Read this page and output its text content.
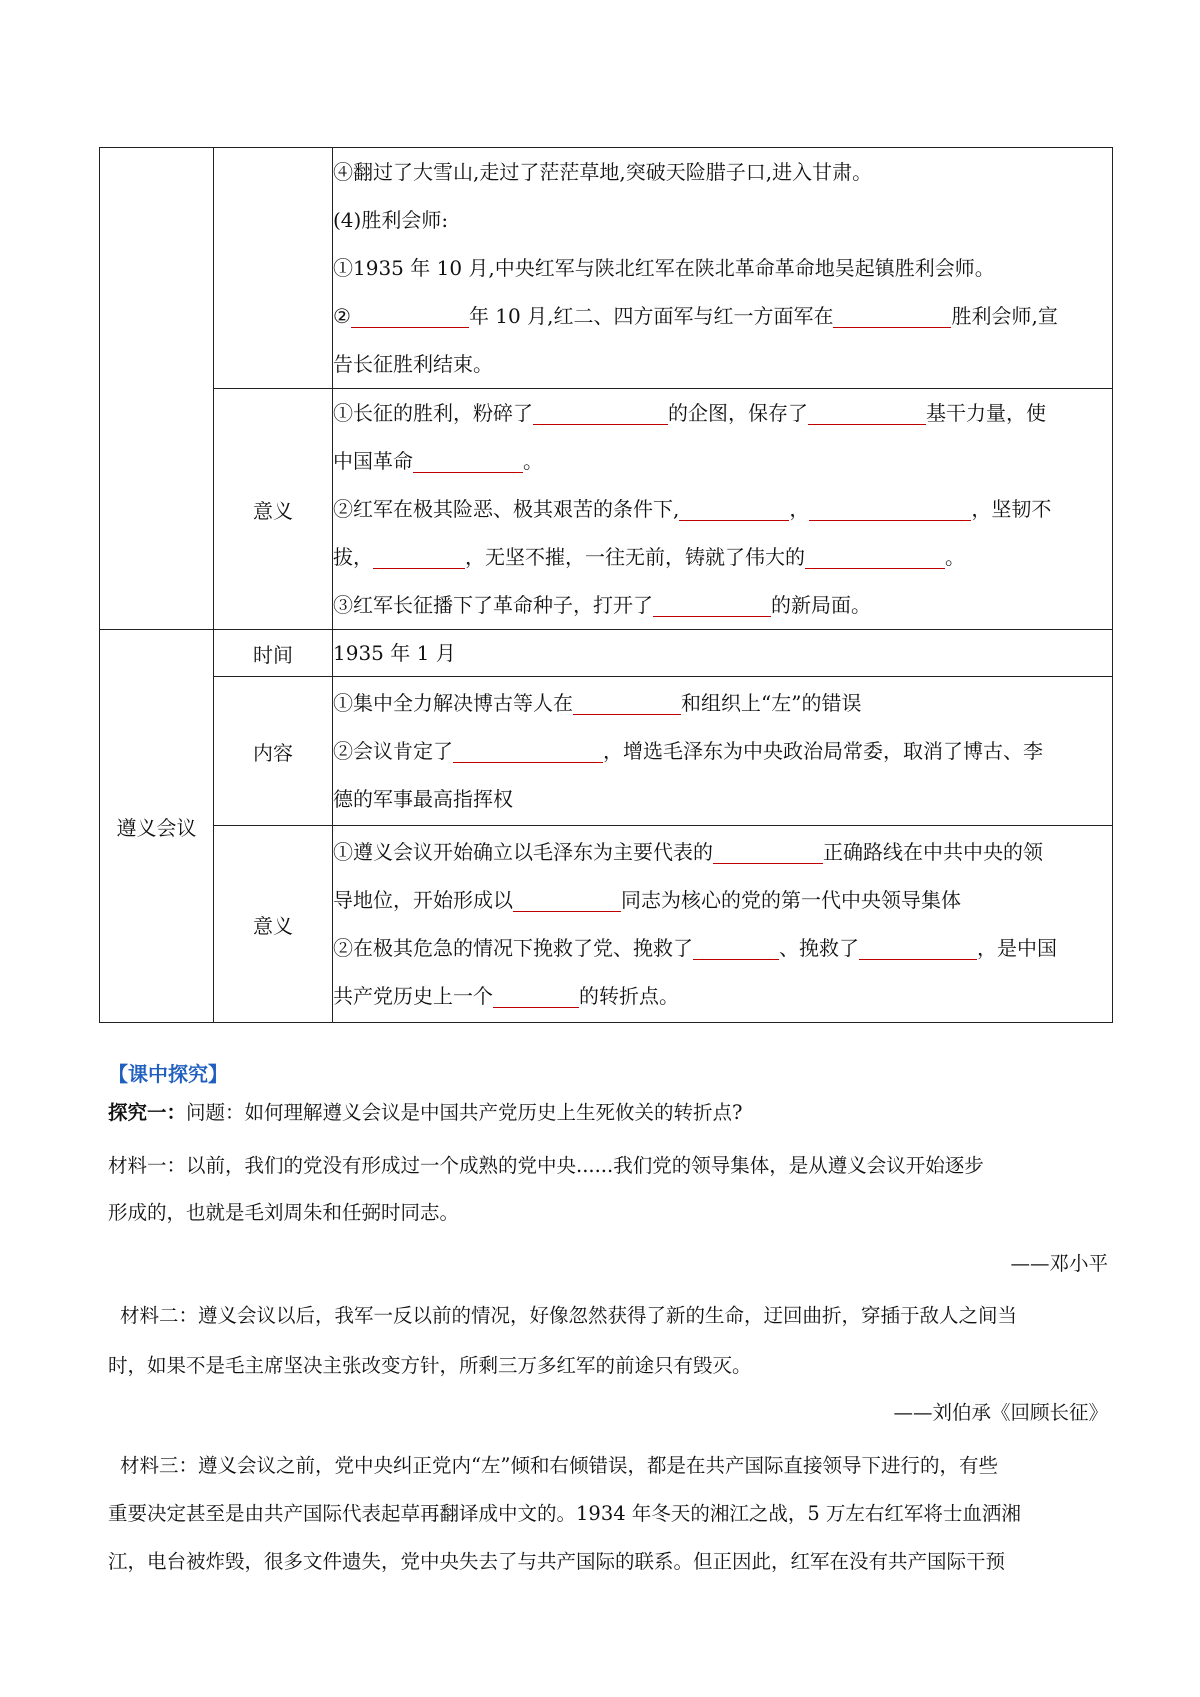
		④翻过了大雪山,走过了茫茫草地,突破天险腊子口,进入甘肃。
(4)胜利会师:
①1935 年 10 月,中央红军与陕北红军在陕北革命革命地吴起镇胜利会师。
② 年 10 月,红二、四方面军与红一方面军在 胜利会师,宣
告长征胜利结束。

	意义	①长征的胜利，粉碎了 的企图，保存了 基干力量，使
中国革命 。
②红军在极其险恶、极其艰苦的条件下, ， ，坚韧不
拔， ，无坚不摧，一往无前，铸就了伟大的 。
③红军长征播下了革命种子，打开了 的新局面。

遵义会议	时间	1935 年 1 月

	内容	①集中全力解决博古等人在 和组织上“左”的错误
②会议肯定了 ，增选毛泽东为中央政治局常委，取消了博古、李
德的军事最高指挥权

	意义	①遵义会议开始确立以毛泽东为主要代表的 正确路线在中共中央的领
导地位，开始形成以 同志为核心的党的第一代中央领导集体
②在极其危急的情况下挽救了党、挽救了 、挽救了 ，是中国
共产党历史上一个 的转折点。
【课中探究】
探究一：问题：如何理解遵义会议是中国共产党历史上生死攸关的转折点?
材料一：以前，我们的党没有形成过一个成熟的党中央......我们党的领导集体，是从遵义会议开始逐步
形成的，也就是毛刘周朱和任弼时同志。
——邓小平
材料二：遵义会议以后，我军一反以前的情况，好像忽然获得了新的生命，迂回曲折，穿插于敌人之间当
时，如果不是毛主席坚决主张改变方针，所剩三万多红军的前途只有毁灭。
——刘伯承《回顾长征》
材料三：遵义会议之前，党中央纠正党内“左”倾和右倾错误，都是在共产国际直接领导下进行的，有些
重要决定甚至是由共产国际代表起草再翻译成中文的。1934 年冬天的湘江之战，5 万左右红军将士血洒湘
江，电台被炸毁，很多文件遗失，党中央失去了与共产国际的联系。但正因此，红军在没有共产国际干预
